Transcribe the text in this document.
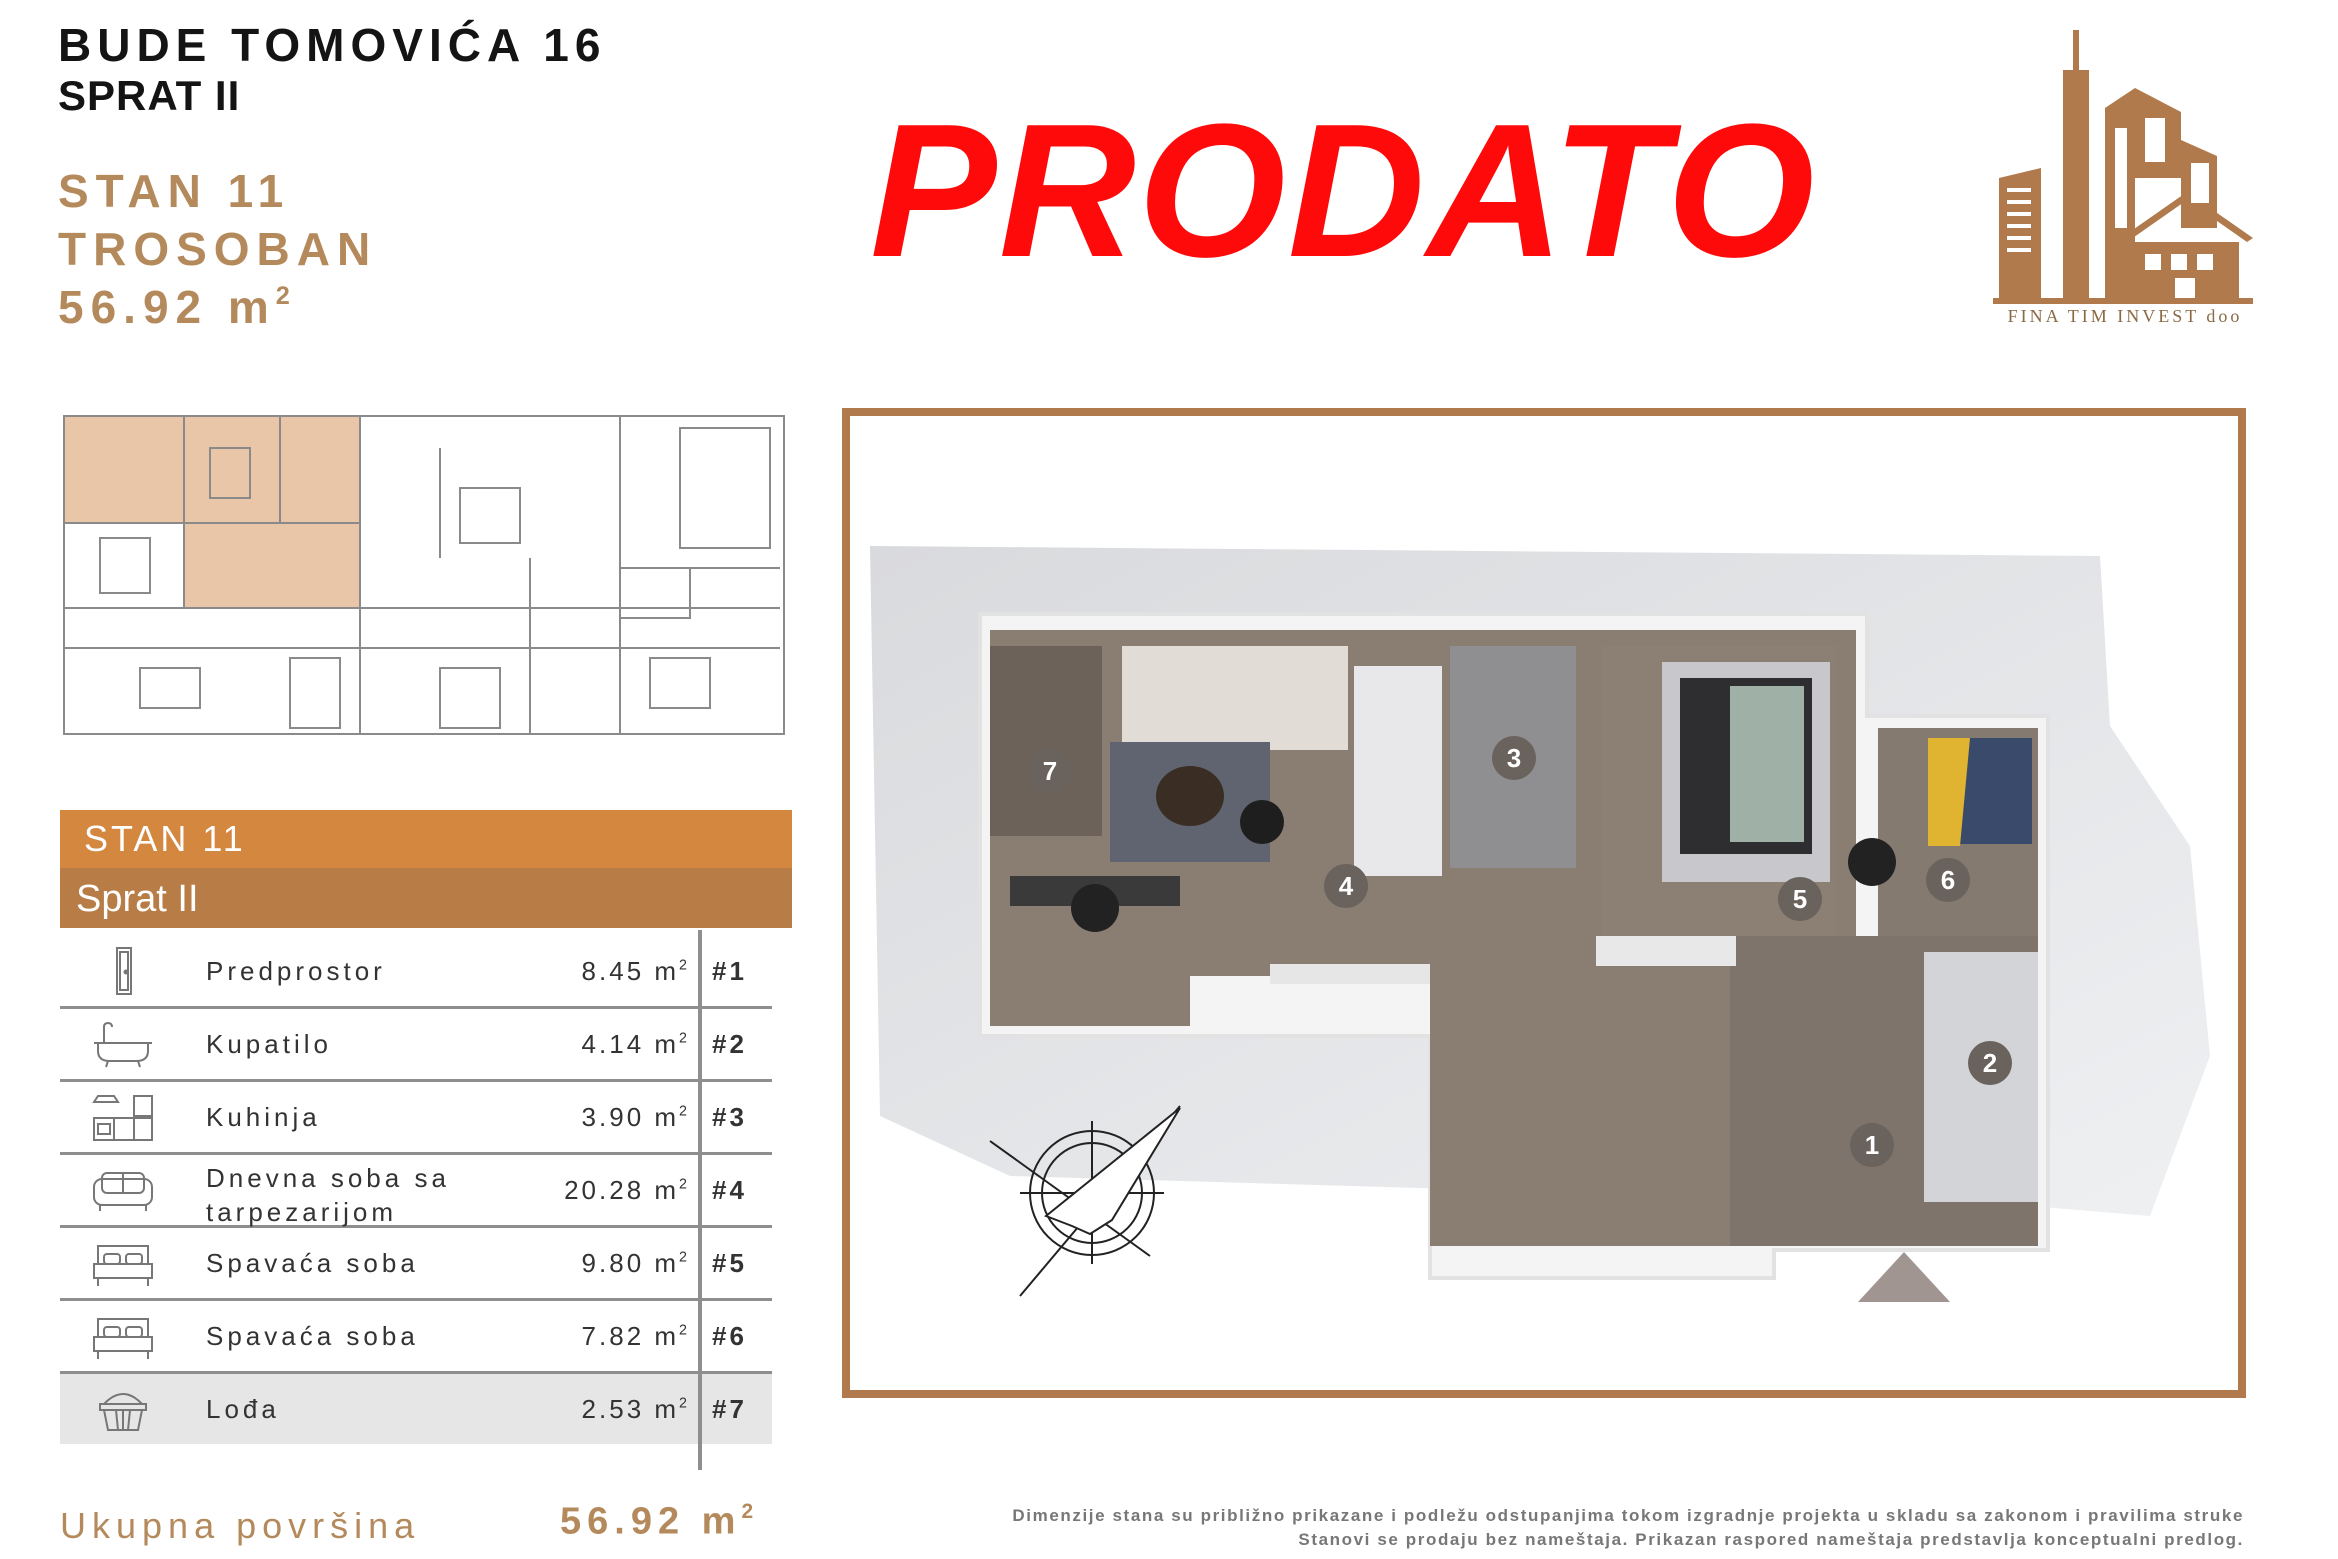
BUDE TOMOVIĆA 16
SPRAT II
STAN 11
TROSOBAN
56.92 $m^2$	PRODATO
FINA TIM INVEST doo
STAN 11
Sprat II
Predprostor	8.45 $m^2$ #1
Kupatilo	4.14 $m^2$ #2
Kuhinja	3.90 $m^2$ #3
Dnevna soba sa
tarpezarijom
20.28 $m^2$ #4
Spavaća soba	9.80 $m^2$ #5
Spavaća soba	7.82 $m^2$ #6
Lođa	2.53 $m^2$ #7
Ukupna površina	56.92 $m^2$
1
2
3
4	5
6
7
Dimenzije stana su približno prikazane i podležu odstupanjima tokom izgradnje projekta u skladu sa zakonom i pravilima struke
Stanovi se prodaju bez nameštaja. Prikazan raspored nameštaja predstavlja konceptualni predlog.
